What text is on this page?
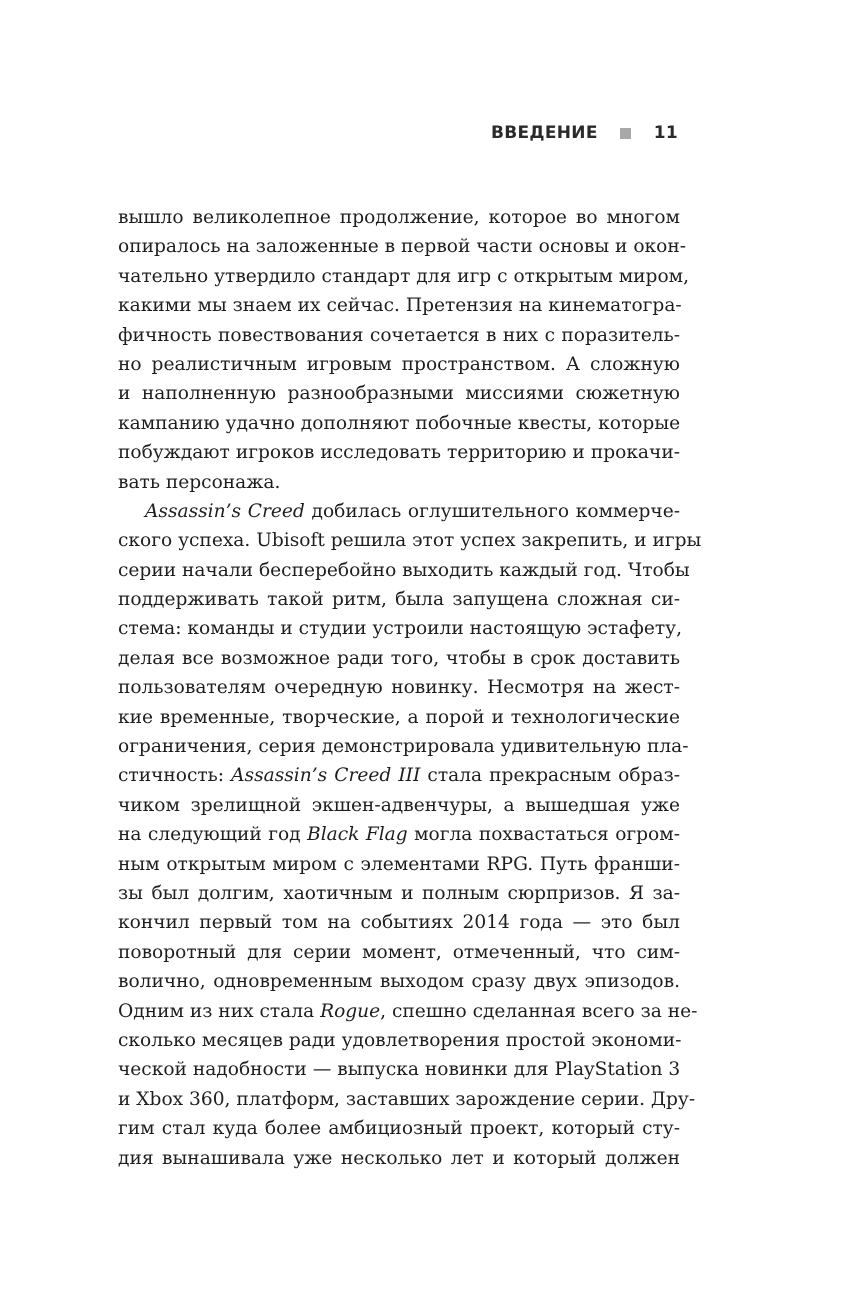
ВВЕДЕНИЕ	11
вышло великолепное продолжение, которое во многом
опиралось на заложенные в первой части основы и окон-
чательно утвердило стандарт для игр с открытым миром,
какими мы знаем их сейчас. Претензия на кинематогра-
фичность повествования сочетается в них с поразитель-
но реалистичным игровым пространством. А сложную
и наполненную разнообразными миссиями сюжетную
кампанию удачно дополняют побочные квесты, которые
побуждают игроков исследовать территорию и прокачи-
вать персонажа.
Assassin’s Creed добилась оглушительного коммерче-
ского успеха. Ubisoft решила этот успех закрепить, и игры
серии начали бесперебойно выходить каждый год. Чтобы
поддерживать такой ритм, была запущена сложная си-
стема: команды и студии устроили настоящую эстафету,
делая все возможное ради того, чтобы в срок доставить
пользователям очередную новинку. Несмотря на жест-
кие временные, творческие, а порой и технологические
ограничения, серия демонстрировала удивительную пла-
стичность: Assassin’s Creed III стала прекрасным образ-
чиком зрелищной экшен-адвенчуры, а вышедшая уже
на следующий год Black Flag могла похвастаться огром-
ным открытым миром с элементами RPG. Путь франши-
зы был долгим, хаотичным и полным сюрпризов. Я за-
кончил первый том на событиях 2014 года — это был
поворотный для серии момент, отмеченный, что сим-
волично, одновременным выходом сразу двух эпизодов.
Одним из них стала Rogue, спешно сделанная всего за не-
сколько месяцев ради удовлетворения простой экономи-
ческой надобности — выпуска новинки для PlayStation 3
и Xbox 360, платформ, заставших зарождение серии. Дру-
гим стал куда более амбициозный проект, который сту-
дия вынашивала уже несколько лет и который должен
